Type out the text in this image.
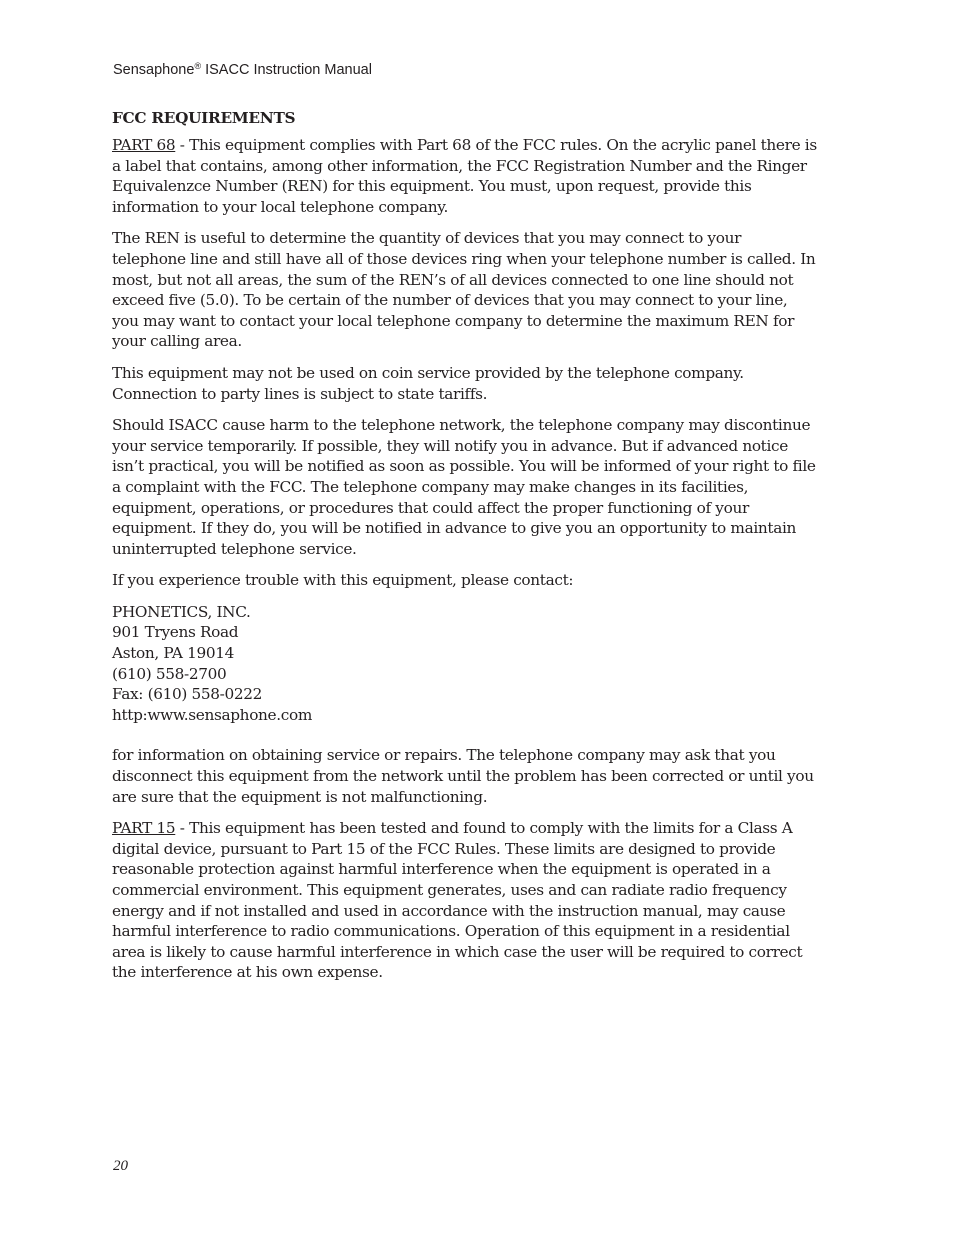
Sensaphone® ISACC Instruction Manual
FCC REQUIREMENTS

PART 68 - This equipment complies with Part 68 of the FCC rules. On the acrylic panel there is a label that contains, among other information, the FCC Registration Number and the Ringer Equivalenzce Number (REN) for this equipment. You must, upon request, provide this information to your local telephone company.

The REN is useful to determine the quantity of devices that you may connect to your telephone line and still have all of those devices ring when your telephone number is called. In most, but not all areas, the sum of the REN’s of all devices connected to one line should not exceed five (5.0). To be certain of the number of devices that you may connect to your line, you may want to contact your local telephone company to determine the maximum REN for your calling area.

This equipment may not be used on coin service provided by the telephone company. Connection to party lines is subject to state tariffs.

Should ISACC cause harm to the telephone network, the telephone company may discontinue your service temporarily. If possible, they will notify you in advance. But if advanced notice isn’t practical, you will be notified as soon as possible. You will be informed of your right to file a complaint with the FCC. The telephone company may make changes in its facilities, equipment, operations, or procedures that could affect the proper functioning of your equipment. If they do, you will be notified in advance to give you an opportunity to maintain uninterrupted telephone service.

If you experience trouble with this equipment, please contact:

PHONETICS, INC.
901 Tryens Road
Aston, PA 19014
(610) 558-2700
Fax: (610) 558-0222
http:www.sensaphone.com

for information on obtaining service or repairs. The telephone company may ask that you disconnect this equipment from the network until the problem has been corrected or until you are sure that the equipment is not malfunctioning.

PART 15 - This equipment has been tested and found to comply with the limits for a Class A digital device, pursuant to Part 15 of the FCC Rules. These limits are designed to provide reasonable protection against harmful interference when the equipment is operated in a commercial environment. This equipment generates, uses and can radiate radio frequency energy and if not installed and used in accordance with the instruction manual, may cause harmful interference to radio communications. Operation of this equipment in a residential area is likely to cause harmful interference in which case the user will be required to correct the interference at his own expense.

20
